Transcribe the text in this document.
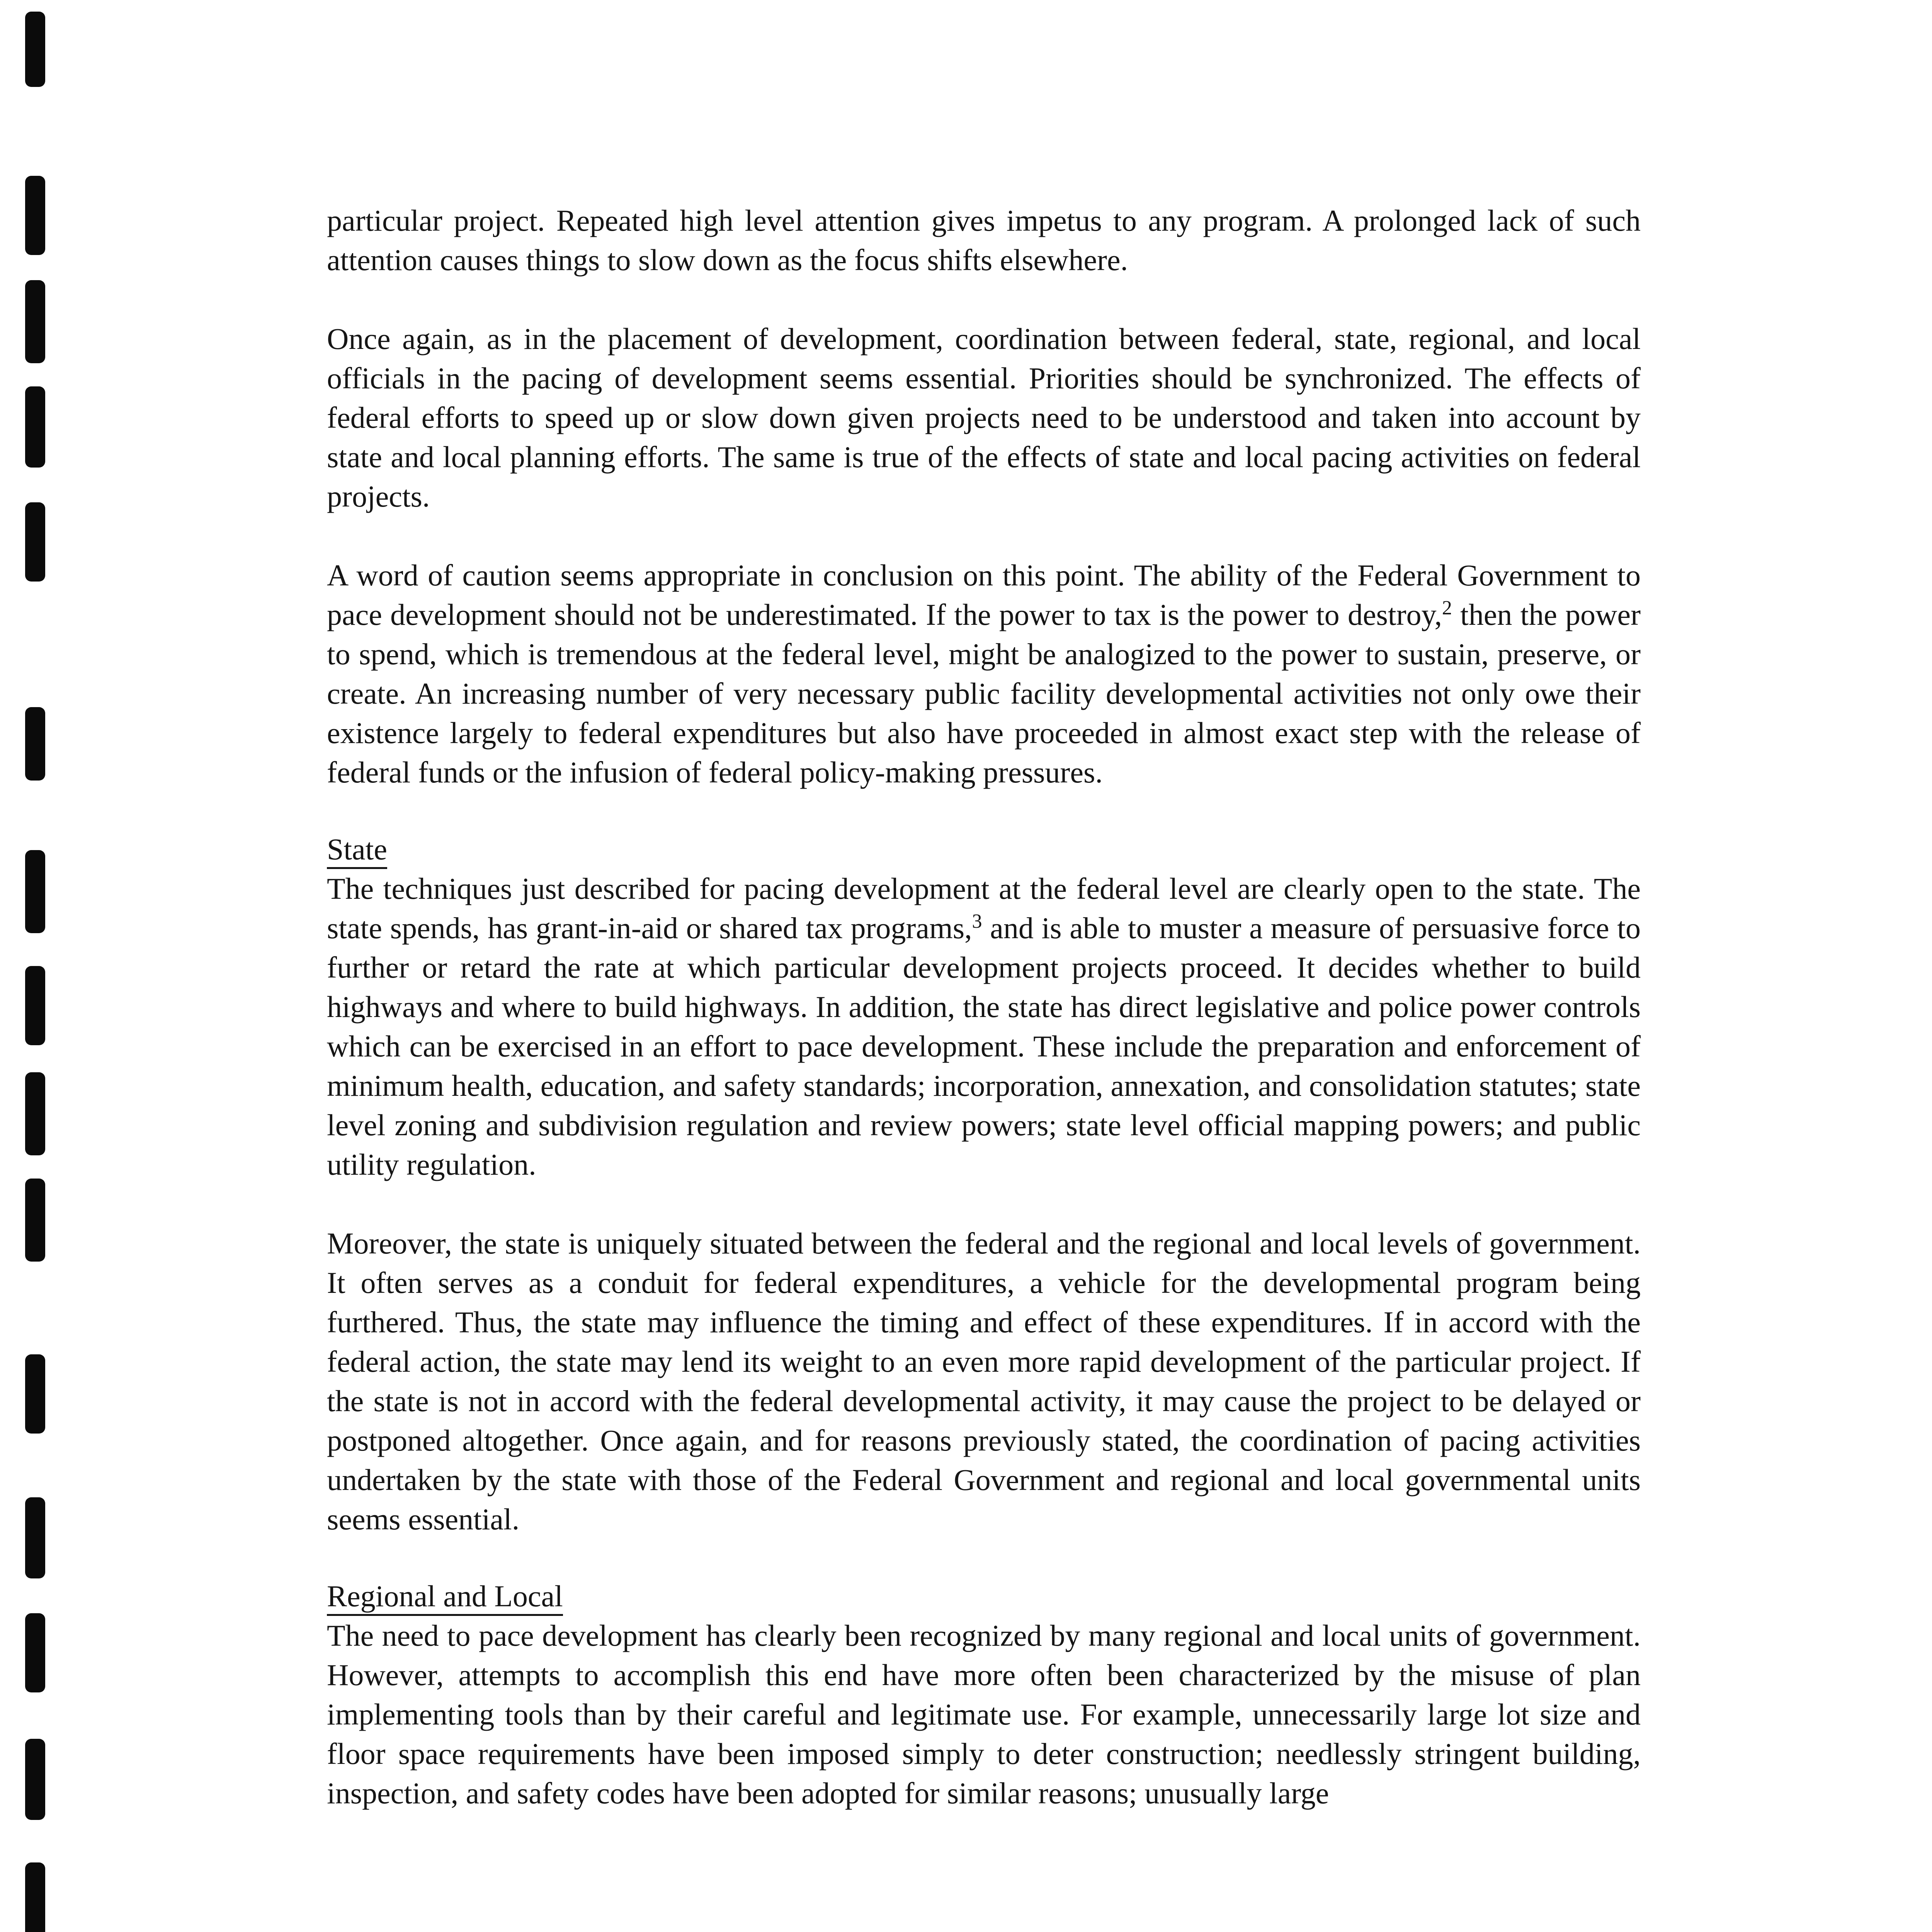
particular project. Repeated high level attention gives impetus to any program. A prolonged lack of such attention causes things to slow down as the focus shifts elsewhere.

Once again, as in the placement of development, coordination between federal, state, regional, and local officials in the pacing of development seems essential. Priorities should be synchronized. The effects of federal efforts to speed up or slow down given projects need to be understood and taken into account by state and local planning efforts. The same is true of the effects of state and local pacing activities on federal projects.

A word of caution seems appropriate in conclusion on this point. The ability of the Federal Government to pace development should not be underestimated. If the power to tax is the power to destroy,$^2$ then the power to spend, which is tremendous at the federal level, might be analogized to the power to sustain, preserve, or create. An increasing number of very necessary public facility developmental activities not only owe their existence largely to federal expenditures but also have proceeded in almost exact step with the release of federal funds or the infusion of federal policy-making pressures.

State

The techniques just described for pacing development at the federal level are clearly open to the state. The state spends, has grant-in-aid or shared tax programs,$^3$ and is able to muster a measure of persuasive force to further or retard the rate at which particular development projects proceed. It decides whether to build highways and where to build highways. In addition, the state has direct legislative and police power controls which can be exercised in an effort to pace development. These include the preparation and enforcement of minimum health, education, and safety standards; incorporation, annexation, and consolidation statutes; state level zoning and subdivision regulation and review powers; state level official mapping powers; and public utility regulation.

Moreover, the state is uniquely situated between the federal and the regional and local levels of government. It often serves as a conduit for federal expenditures, a vehicle for the developmental program being furthered. Thus, the state may influence the timing and effect of these expenditures. If in accord with the federal action, the state may lend its weight to an even more rapid development of the particular project. If the state is not in accord with the federal developmental activity, it may cause the project to be delayed or postponed altogether. Once again, and for reasons previously stated, the coordination of pacing activities undertaken by the state with those of the Federal Government and regional and local governmental units seems essential.

Regional and Local

The need to pace development has clearly been recognized by many regional and local units of government. However, attempts to accomplish this end have more often been characterized by the misuse of plan implementing tools than by their careful and legitimate use. For example, unnecessarily large lot size and floor space requirements have been imposed simply to deter construction; needlessly stringent building, inspection, and safety codes have been adopted for similar reasons; unusually large
